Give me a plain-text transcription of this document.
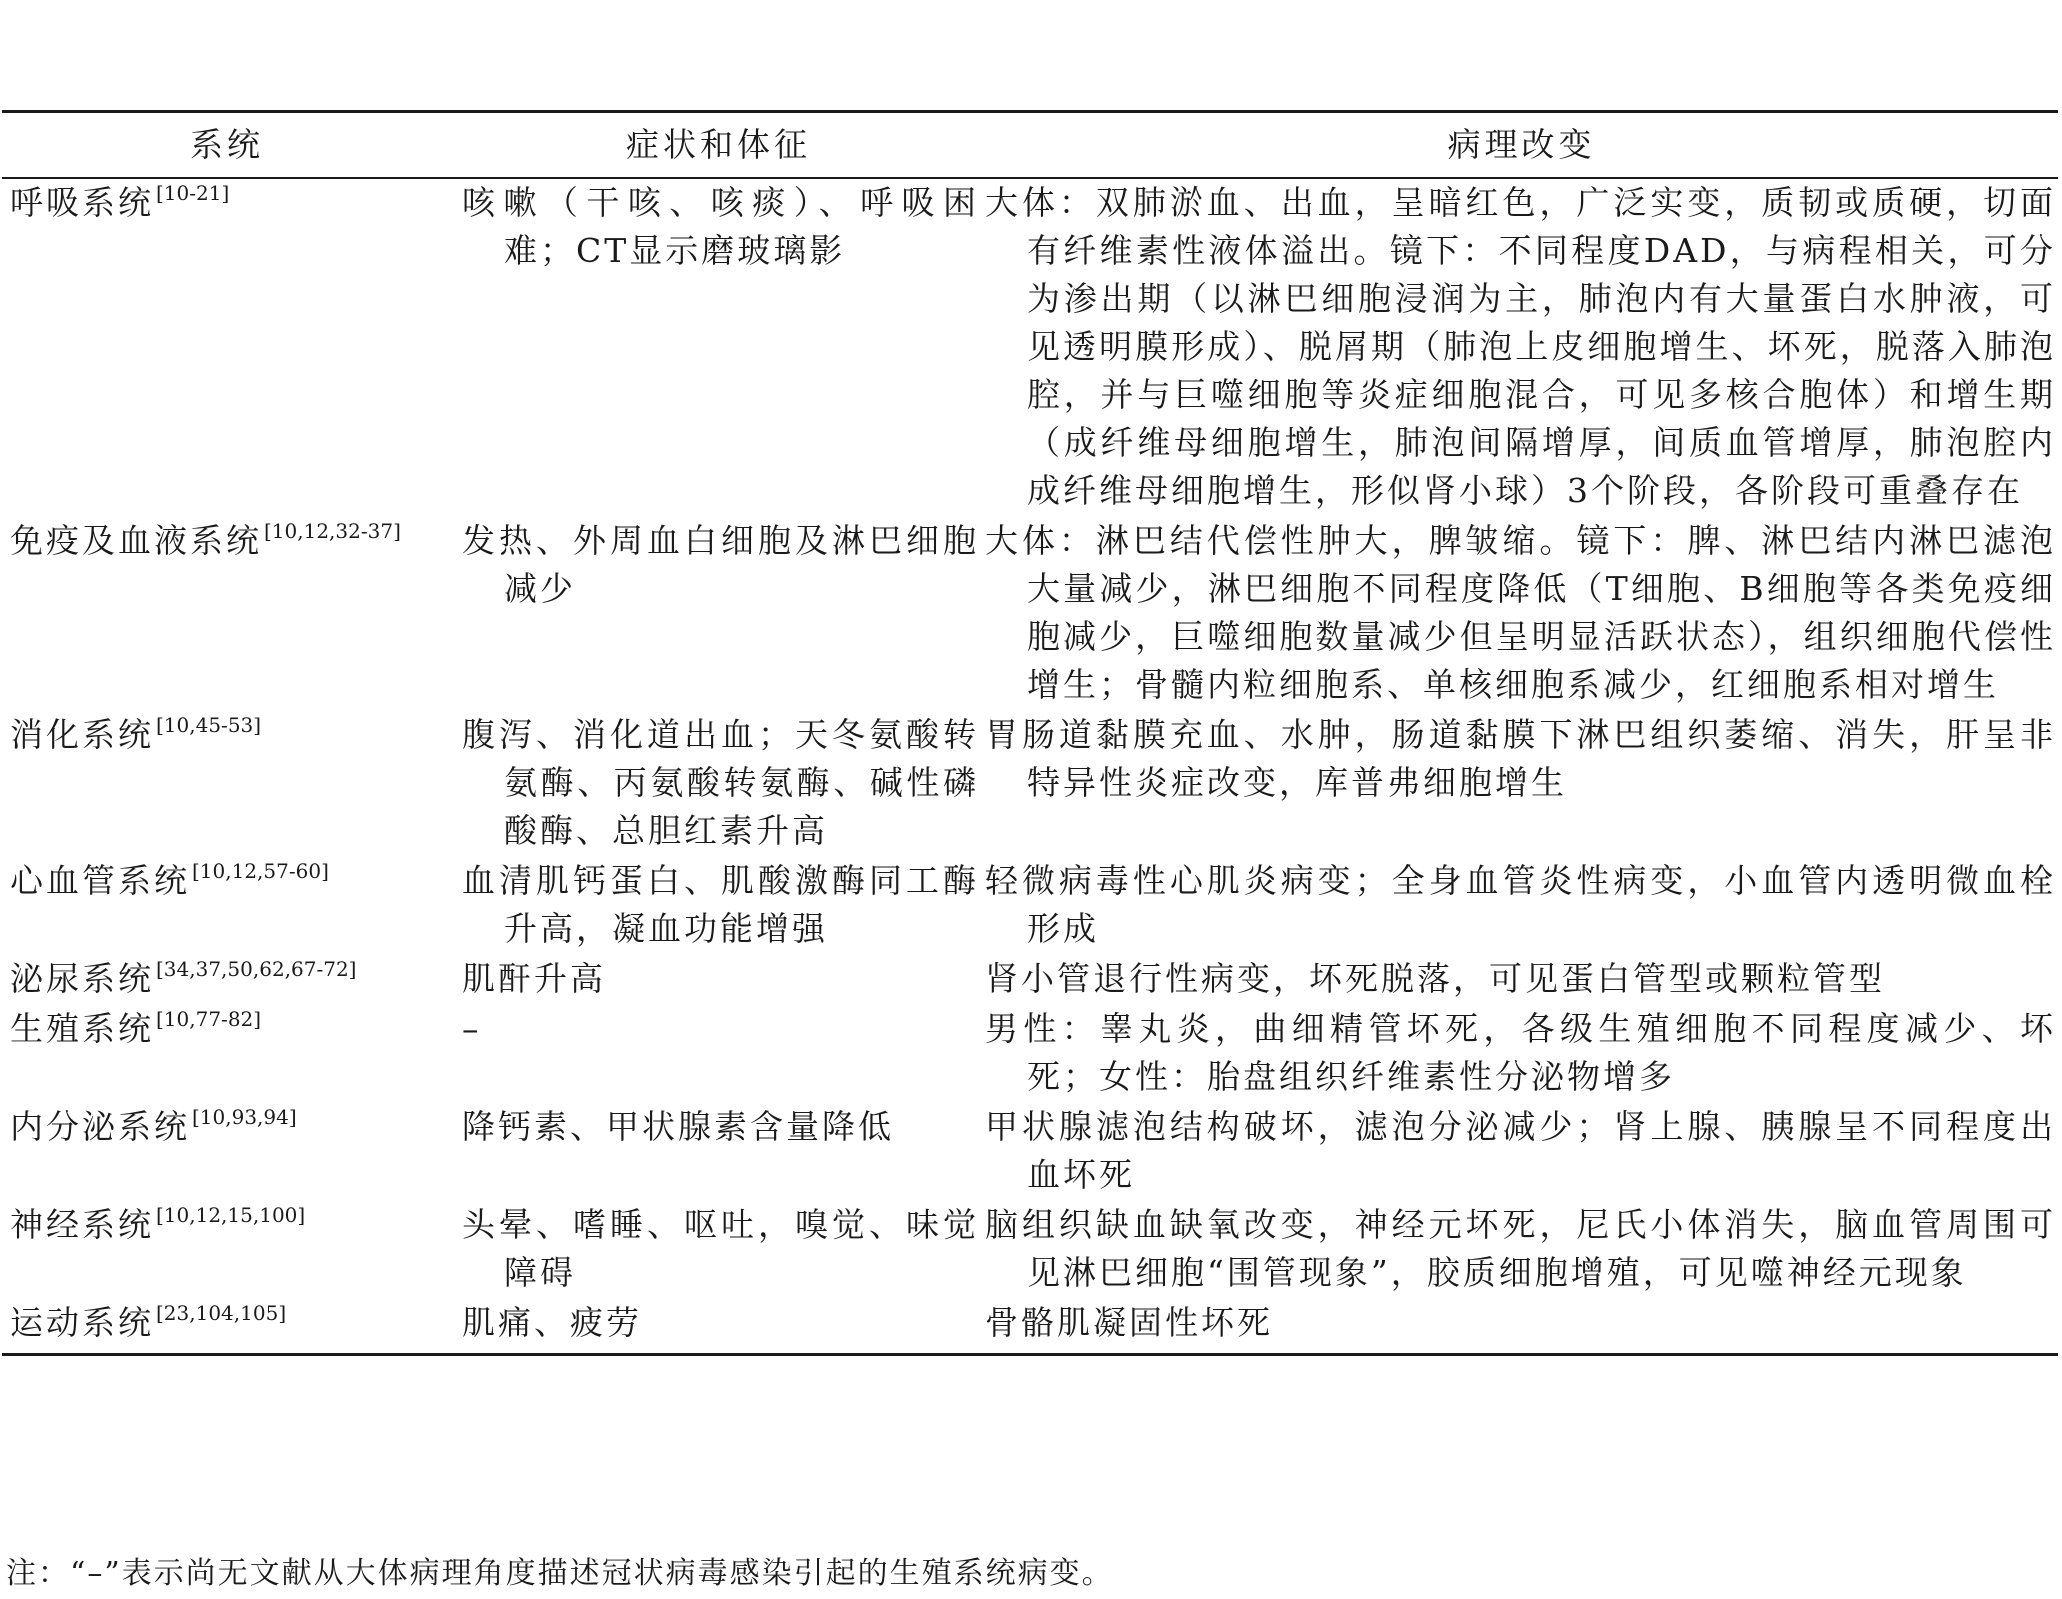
系统	症状和体征	病理改变
呼吸系统 [10-21]	咳嗽（干咳、咳痰）、呼吸困难；CT显示磨玻璃影	大体：双肺淤血、出血，呈暗红色，广泛实变，质韧或质硬，切面有纤维素性液体溢出。镜下：不同程度DAD，与病程相关，可分为渗出期（以淋巴细胞浸润为主，肺泡内有大量蛋白水肿液，可见透明膜形成）、脱屑期（肺泡上皮细胞增生、坏死，脱落入肺泡腔，并与巨噬细胞等炎症细胞混合，可见多核合胞体）和增生期（成纤维母细胞增生，肺泡间隔增厚，间质血管增厚，肺泡腔内成纤维母细胞增生，形似肾小球）3个阶段，各阶段可重叠存在

免疫及血液系统 [10,12,32-37]	发热、外周血白细胞及淋巴细胞减少	大体：淋巴结代偿性肿大，脾皱缩。镜下：脾、淋巴结内淋巴滤泡大量减少，淋巴细胞不同程度降低（T细胞、B细胞等各类免疫细胞减少，巨噬细胞数量减少但呈明显活跃状态），组织细胞代偿性增生；骨髓内粒细胞系、单核细胞系减少，红细胞系相对增生

消化系统 [10,45-53]	腹泻、消化道出血；天冬氨酸转氨酶、丙氨酸转氨酶、碱性磷酸酶、总胆红素升高	胃肠道黏膜充血、水肿，肠道黏膜下淋巴组织萎缩、消失，肝呈非特异性炎症改变，库普弗细胞增生

心血管系统 [10,12,57-60]	血清肌钙蛋白、肌酸激酶同工酶升高，凝血功能增强	轻微病毒性心肌炎病变；全身血管炎性病变，小血管内透明微血栓形成

泌尿系统 [34,37,50,62,67-72]	肌酐升高	肾小管退行性病变，坏死脱落，可见蛋白管型或颗粒管型

生殖系统 [10,77-82]	–	男性：睾丸炎，曲细精管坏死，各级生殖细胞不同程度减少、坏死；女性：胎盘组织纤维素性分泌物增多

内分泌系统 [10,93,94]	降钙素、甲状腺素含量降低	甲状腺滤泡结构破坏，滤泡分泌减少；肾上腺、胰腺呈不同程度出血坏死

神经系统 [10,12,15,100]	头晕、嗜睡、呕吐，嗅觉、味觉障碍	脑组织缺血缺氧改变，神经元坏死，尼氏小体消失，脑血管周围可见淋巴细胞“围管现象”，胶质细胞增殖，可见噬神经元现象

运动系统 [23,104,105]	肌痛、疲劳	骨骼肌凝固性坏死
注：“–”表示尚无文献从大体病理角度描述冠状病毒感染引起的生殖系统病变。
